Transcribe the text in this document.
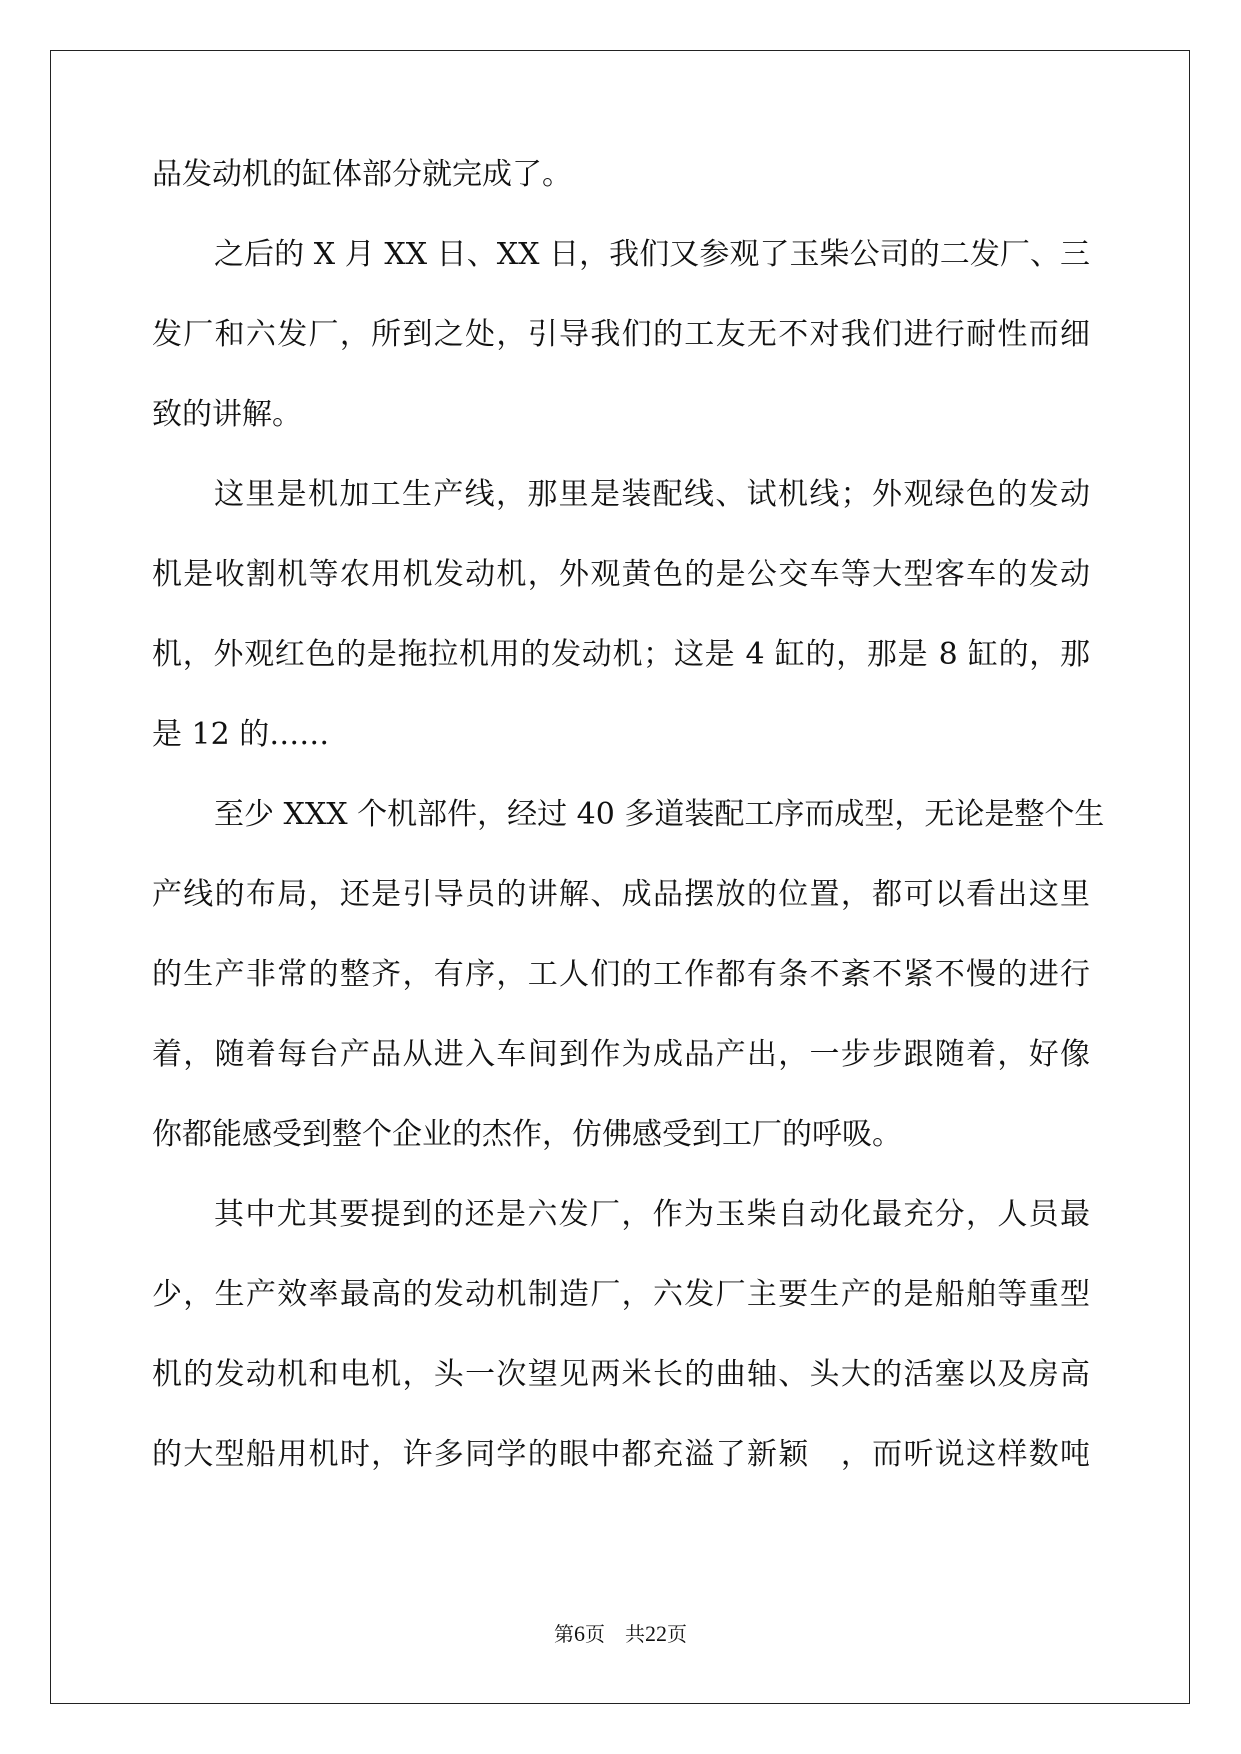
品发动机的缸体部分就完成了。
之后的 X 月 XX 日、XX 日，我们又参观了玉柴公司的二发厂、三
发厂和六发厂，所到之处，引导我们的工友无不对我们进行耐性而细
致的讲解。
这里是机加工生产线，那里是装配线、试机线；外观绿色的发动
机是收割机等农用机发动机，外观黄色的是公交车等大型客车的发动
机，外观红色的是拖拉机用的发动机；这是 4 缸的，那是 8 缸的，那
是 12 的……
至少 XXX 个机部件，经过 40 多道装配工序而成型，无论是整个生
产线的布局，还是引导员的讲解、成品摆放的位置，都可以看出这里
的生产非常的整齐，有序，工人们的工作都有条不紊不紧不慢的进行
着，随着每台产品从进入车间到作为成品产出，一步步跟随着，好像
你都能感受到整个企业的杰作，仿佛感受到工厂的呼吸。
其中尤其要提到的还是六发厂，作为玉柴自动化最充分，人员最
少，生产效率最高的发动机制造厂，六发厂主要生产的是船舶等重型
机的发动机和电机，头一次望见两米长的曲轴、头大的活塞以及房高
的大型船用机时，许多同学的眼中都充溢了新颖　，而听说这样数吨
第6页　共22页
